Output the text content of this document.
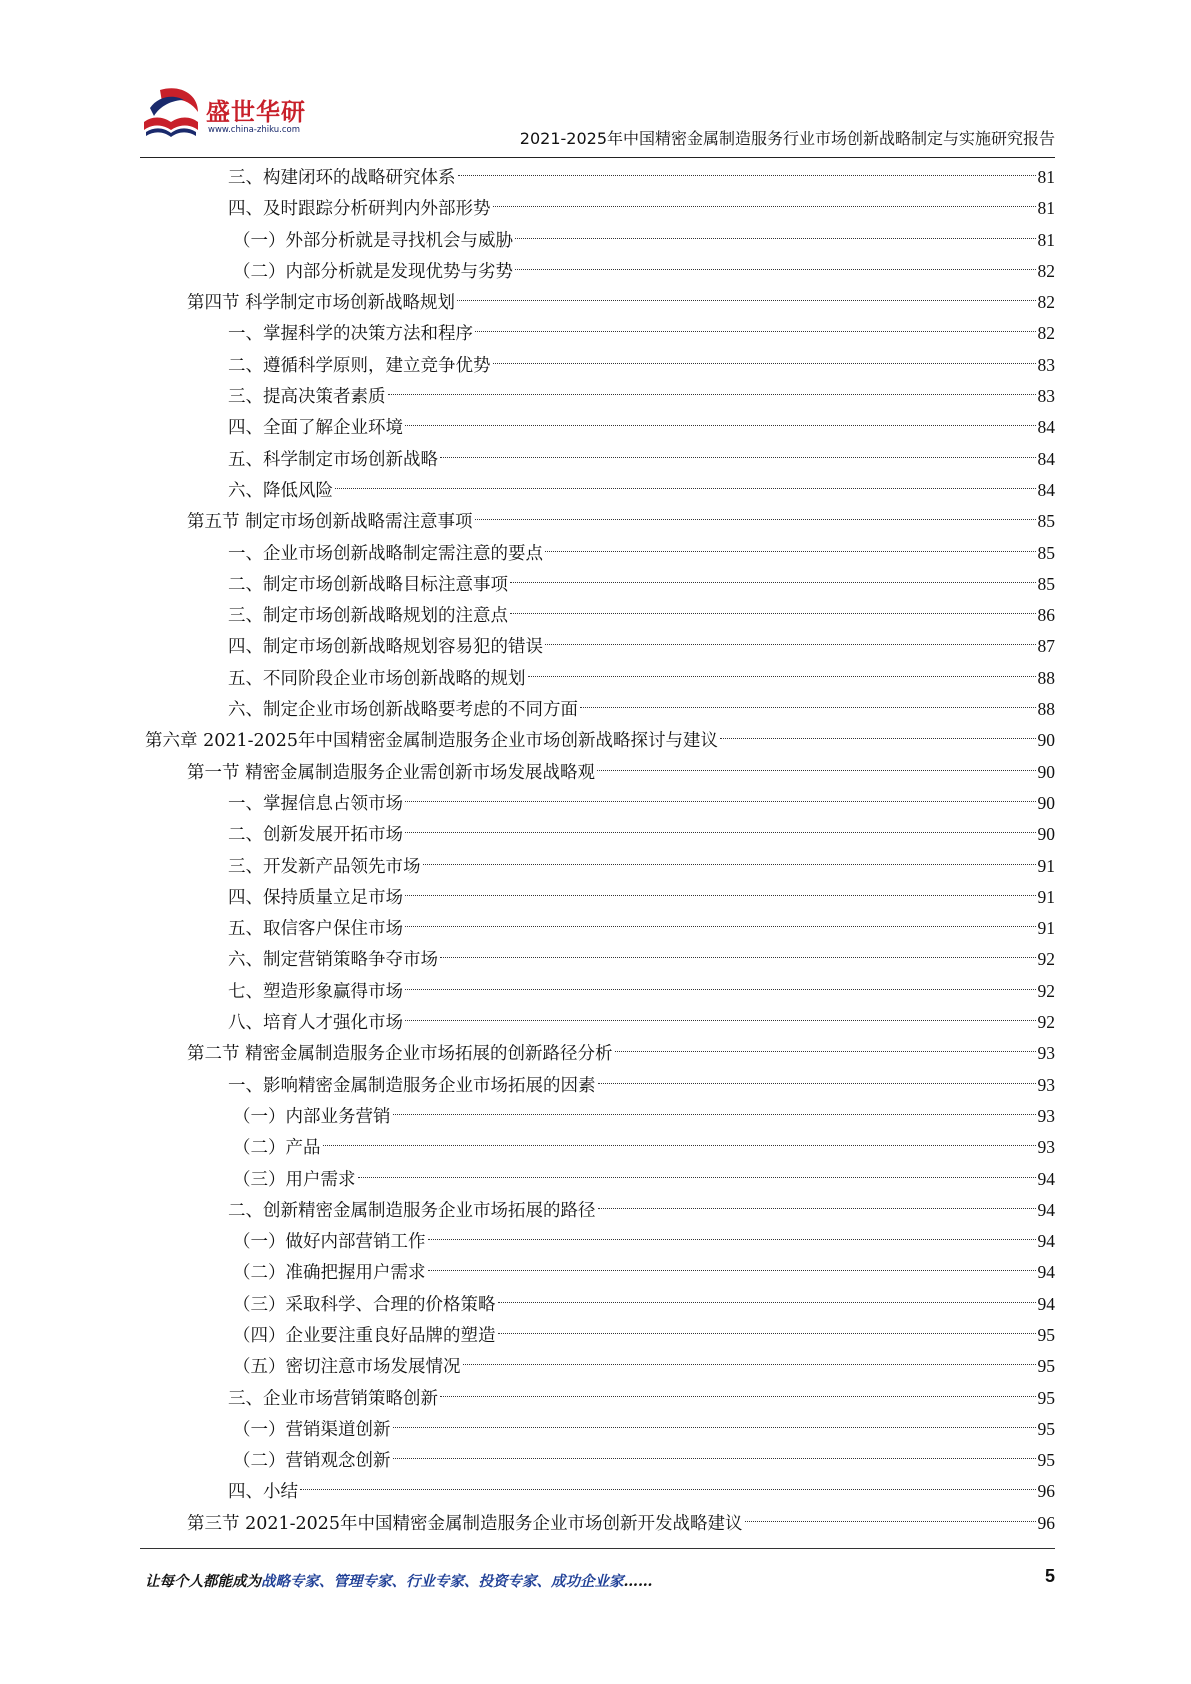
盛世华研
www.china-zhiku.com	2021-2025年中国精密金属制造服务行业市场创新战略制定与实施研究报告
三、构建闭环的战略研究体系	81
四、及时跟踪分析研判内外部形势	81
（一）外部分析就是寻找机会与威胁	81
（二）内部分析就是发现优势与劣势	82
第四节 科学制定市场创新战略规划	82
一、掌握科学的决策方法和程序	82
二、遵循科学原则，建立竞争优势	83
三、提高决策者素质	83
四、全面了解企业环境	84
五、科学制定市场创新战略	84
六、降低风险	84
第五节 制定市场创新战略需注意事项	85
一、企业市场创新战略制定需注意的要点	85
二、制定市场创新战略目标注意事项	85
三、制定市场创新战略规划的注意点	86
四、制定市场创新战略规划容易犯的错误	87
五、不同阶段企业市场创新战略的规划	88
六、制定企业市场创新战略要考虑的不同方面	88
第六章 2021-2025年中国精密金属制造服务企业市场创新战略探讨与建议	90
第一节 精密金属制造服务企业需创新市场发展战略观	90
一、掌握信息占领市场	90
二、创新发展开拓市场	90
三、开发新产品领先市场	91
四、保持质量立足市场	91
五、取信客户保住市场	91
六、制定营销策略争夺市场	92
七、塑造形象赢得市场	92
八、培育人才强化市场	92
第二节 精密金属制造服务企业市场拓展的创新路径分析	93
一、影响精密金属制造服务企业市场拓展的因素	93
（一）内部业务营销	93
（二）产品	93
（三）用户需求	94
二、创新精密金属制造服务企业市场拓展的路径	94
（一）做好内部营销工作	94
（二）准确把握用户需求	94
（三）采取科学、合理的价格策略	94
（四）企业要注重良好品牌的塑造	95
（五）密切注意市场发展情况	95
三、企业市场营销策略创新	95
（一）营销渠道创新	95
（二）营销观念创新	95
四、小结	96
第三节 2021-2025年中国精密金属制造服务企业市场创新开发战略建议	96
让每个人都能成为战略专家、管理专家、行业专家、投资专家、成功企业家……	5
